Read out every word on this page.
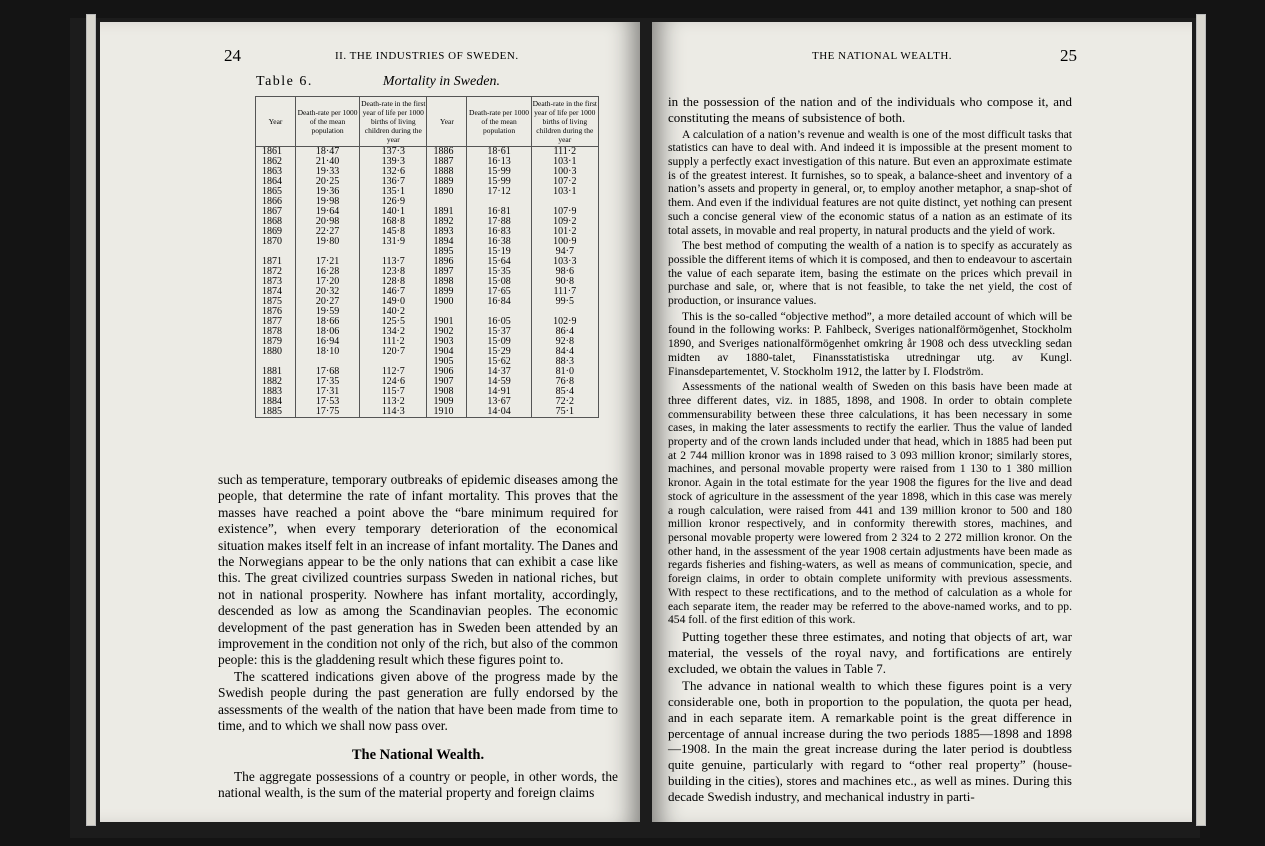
24	II. THE INDUSTRIES OF SWEDEN.
Table 6.	Mortality in Sweden.
Year	Death-rate per 1000 of the mean population	Death-rate in the first year of life per 1000 births of living children during the year	Year	Death-rate per 1000 of the mean population	Death-rate in the first year of life per 1000 births of living children during the year
1861	18·47	137·3	1886	18·61	111·2
1862	21·40	139·3	1887	16·13	103·1
1863	19·33	132·6	1888	15·99	100·3
1864	20·25	136·7	1889	15·99	107·2
1865	19·36	135·1	1890	17·12	103·1
1866	19·98	126·9			
1867	19·64	140·1	1891	16·81	107·9
1868	20·98	168·8	1892	17·88	109·2
1869	22·27	145·8	1893	16·83	101·2
1870	19·80	131·9	1894	16·38	100·9
			1895	15·19	94·7
1871	17·21	113·7	1896	15·64	103·3
1872	16·28	123·8	1897	15·35	98·6
1873	17·20	128·8	1898	15·08	90·8
1874	20·32	146·7	1899	17·65	111·7
1875	20·27	149·0	1900	16·84	99·5
1876	19·59	140·2			
1877	18·66	125·5	1901	16·05	102·9
1878	18·06	134·2	1902	15·37	86·4
1879	16·94	111·2	1903	15·09	92·8
1880	18·10	120·7	1904	15·29	84·4
			1905	15·62	88·3
1881	17·68	112·7	1906	14·37	81·0
1882	17·35	124·6	1907	14·59	76·8
1883	17·31	115·7	1908	14·91	85·4
1884	17·53	113·2	1909	13·67	72·2
1885	17·75	114·3	1910	14·04	75·1

such as temperature, temporary outbreaks of epidemic diseases among the people, that determine the rate of infant mortality. This proves that the masses have reached a point above the “bare minimum required for existence”, when every temporary deterioration of the economical situation makes itself felt in an increase of infant mortality. The Danes and the Norwegians appear to be the only nations that can exhibit a case like this. The great civilized countries surpass Sweden in national riches, but not in national prosperity. Nowhere has infant mortality, accordingly, descended as low as among the Scandinavian peoples. The economic development of the past generation has in Sweden been attended by an improvement in the condition not only of the rich, but also of the common people: this is the gladdening result which these figures point to.

The scattered indications given above of the progress made by the Swedish people during the past generation are fully endorsed by the assessments of the wealth of the nation that have been made from time to time, and to which we shall now pass over.

The National Wealth.

The aggregate possessions of a country or people, in other words, the national wealth, is the sum of the material property and foreign claims

THE NATIONAL WEALTH.	25

in the possession of the nation and of the individuals who compose it, and constituting the means of subsistence of both.

A calculation of a nation’s revenue and wealth is one of the most difficult tasks that statistics can have to deal with. And indeed it is impossible at the present moment to supply a perfectly exact investigation of this nature. But even an approximate estimate is of the greatest interest. It furnishes, so to speak, a balance-sheet and inventory of a nation’s assets and property in general, or, to employ another metaphor, a snap-shot of them. And even if the individual features are not quite distinct, yet nothing can present such a concise general view of the economic status of a nation as an estimate of its total assets, in movable and real property, in natural products and the yield of work.

The best method of computing the wealth of a nation is to specify as accurately as possible the different items of which it is composed, and then to endeavour to ascertain the value of each separate item, basing the estimate on the prices which prevail in purchase and sale, or, where that is not feasible, to take the net yield, the cost of production, or insurance values.

This is the so-called “objective method”, a more detailed account of which will be found in the following works: P. Fahlbeck, Sveriges nationalförmögenhet, Stockholm 1890, and Sveriges nationalförmögenhet omkring år 1908 och dess utveckling sedan midten av 1880-talet, Finansstatistiska utredningar utg. av Kungl. Finansdepartementet, V. Stockholm 1912, the latter by I. Flodström.

Assessments of the national wealth of Sweden on this basis have been made at three different dates, viz. in 1885, 1898, and 1908. In order to obtain complete commensurability between these three calculations, it has been necessary in some cases, in making the later assessments to rectify the earlier. Thus the value of landed property and of the crown lands included under that head, which in 1885 had been put at 2 744 million kronor was in 1898 raised to 3 093 million kronor; similarly stores, machines, and personal movable property were raised from 1 130 to 1 380 million kronor. Again in the total estimate for the year 1908 the figures for the live and dead stock of agriculture in the assessment of the year 1898, which in this case was merely a rough calculation, were raised from 441 and 139 million kronor to 500 and 180 million kronor respectively, and in conformity therewith stores, machines, and personal movable property were lowered from 2 324 to 2 272 million kronor. On the other hand, in the assessment of the year 1908 certain adjustments have been made as regards fisheries and fishing-waters, as well as means of communication, specie, and foreign claims, in order to obtain complete uniformity with previous assessments. With respect to these rectifications, and to the method of calculation as a whole for each separate item, the reader may be referred to the above-named works, and to pp. 454 foll. of the first edition of this work.

Putting together these three estimates, and noting that objects of art, war material, the vessels of the royal navy, and fortifications are entirely excluded, we obtain the values in Table 7.

The advance in national wealth to which these figures point is a very considerable one, both in proportion to the population, the quota per head, and in each separate item. A remarkable point is the great difference in percentage of annual increase during the two periods 1885—1898 and 1898—1908. In the main the great increase during the later period is doubtless quite genuine, particularly with regard to “other real property” (house-building in the cities), stores and machines etc., as well as mines. During this decade Swedish industry, and mechanical industry in parti-
